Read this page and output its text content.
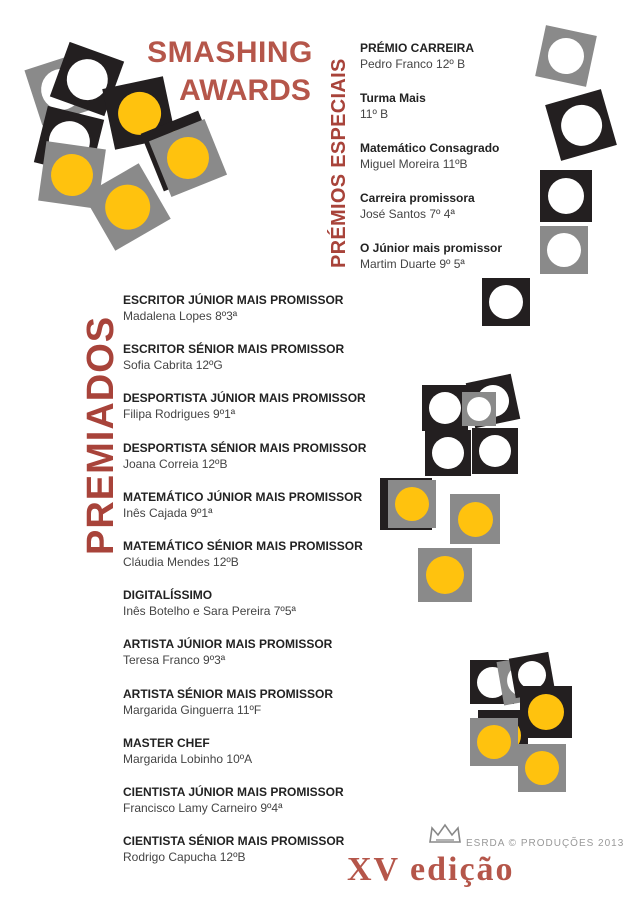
SMASHING
AWARDS PRÉMIOS ESPECIAIS
PREMIADOS
PRÉMIO CARREIRA
Pedro Franco 12º B
Turma Mais
11º B
Matemático Consagrado
Miguel Moreira 11ºB
Carreira promissora
José Santos 7º 4ª
O Júnior mais promissor
Martim Duarte 9º 5ª
ESCRITOR JÚNIOR MAIS PROMISSOR
Madalena Lopes 8º3ª
ESCRITOR SÉNIOR MAIS PROMISSOR
Sofia Cabrita 12ºG
DESPORTISTA JÚNIOR MAIS PROMISSOR
Filipa Rodrigues 9º1ª
DESPORTISTA SÉNIOR MAIS PROMISSOR
Joana Correia 12ºB
MATEMÁTICO JÚNIOR MAIS PROMISSOR
Inês Cajada 9º1ª
MATEMÁTICO SÉNIOR MAIS PROMISSOR
Cláudia Mendes 12ºB
DIGITALÍSSIMO
Inês Botelho e Sara Pereira 7º5ª
ARTISTA JÚNIOR MAIS PROMISSOR
Teresa Franco 9º3ª
ARTISTA SÉNIOR MAIS PROMISSOR
Margarida Ginguerra 11ºF
MASTER CHEF
Margarida Lobinho 10ºA
CIENTISTA JÚNIOR MAIS PROMISSOR
Francisco Lamy Carneiro 9º4ª
CIENTISTA SÉNIOR MAIS PROMISSOR
Rodrigo Capucha 12ºB
ESRDA © PRODUÇÕES 2013
XV edição
